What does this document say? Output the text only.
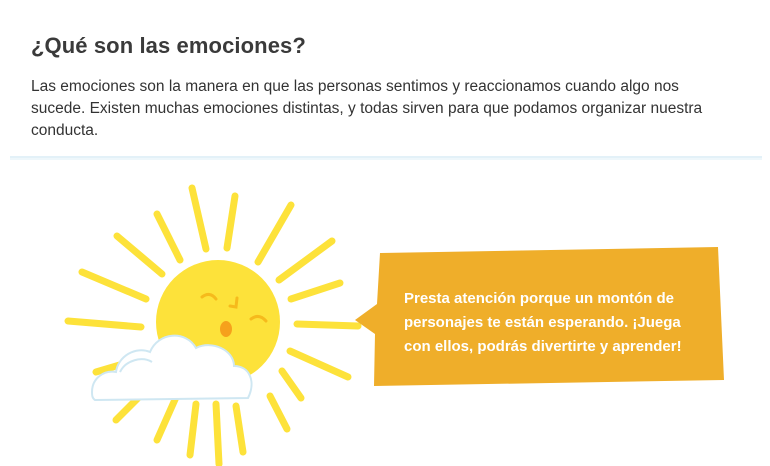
¿Qué son las emociones?

Las emociones son la manera en que las personas sentimos y reaccionamos cuando algo nos sucede. Existen muchas emociones distintas, y todas sirven para que podamos organizar nuestra conducta.

Presta atención porque un montón de personajes te están esperando. ¡Juega con ellos, podrás divertirte y aprender!
